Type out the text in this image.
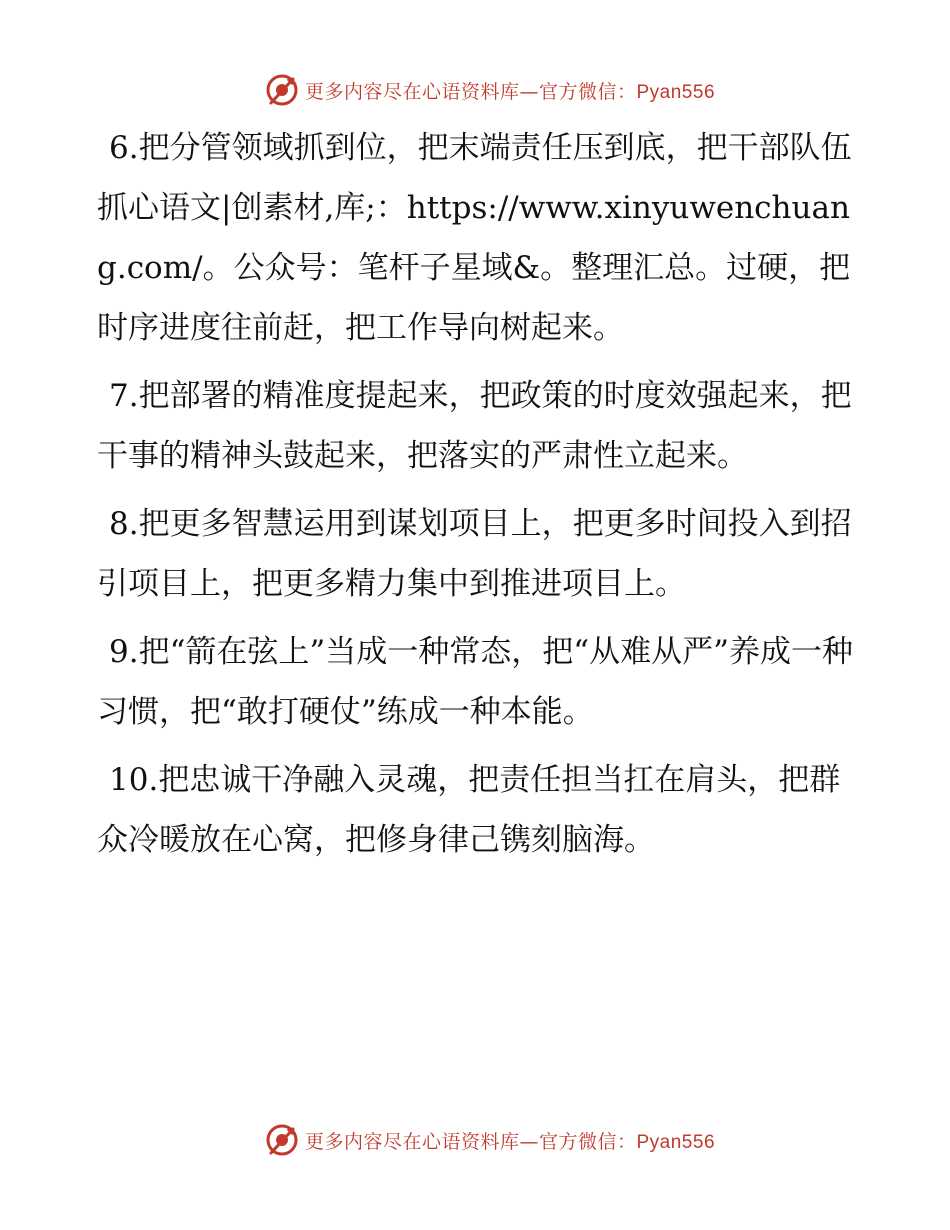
更多内容尽在心语资料库—官方微信：Pyan556

6.把分管领域抓到位，把末端责任压到底，把干部队伍抓心语文|创素材,库;：https://www.xinyuwenchuang.com/。公众号：笔杆子星域&。整理汇总。过硬，把时序进度往前赶，把工作导向树起来。

7.把部署的精准度提起来，把政策的时度效强起来，把干事的精神头鼓起来，把落实的严肃性立起来。

8.把更多智慧运用到谋划项目上，把更多时间投入到招引项目上，把更多精力集中到推进项目上。

9.把“箭在弦上”当成一种常态，把“从难从严”养成一种习惯，把“敢打硬仗”练成一种本能。

10.把忠诚干净融入灵魂，把责任担当扛在肩头，把群众冷暖放在心窝，把修身律己镌刻脑海。

更多内容尽在心语资料库—官方微信：Pyan556
